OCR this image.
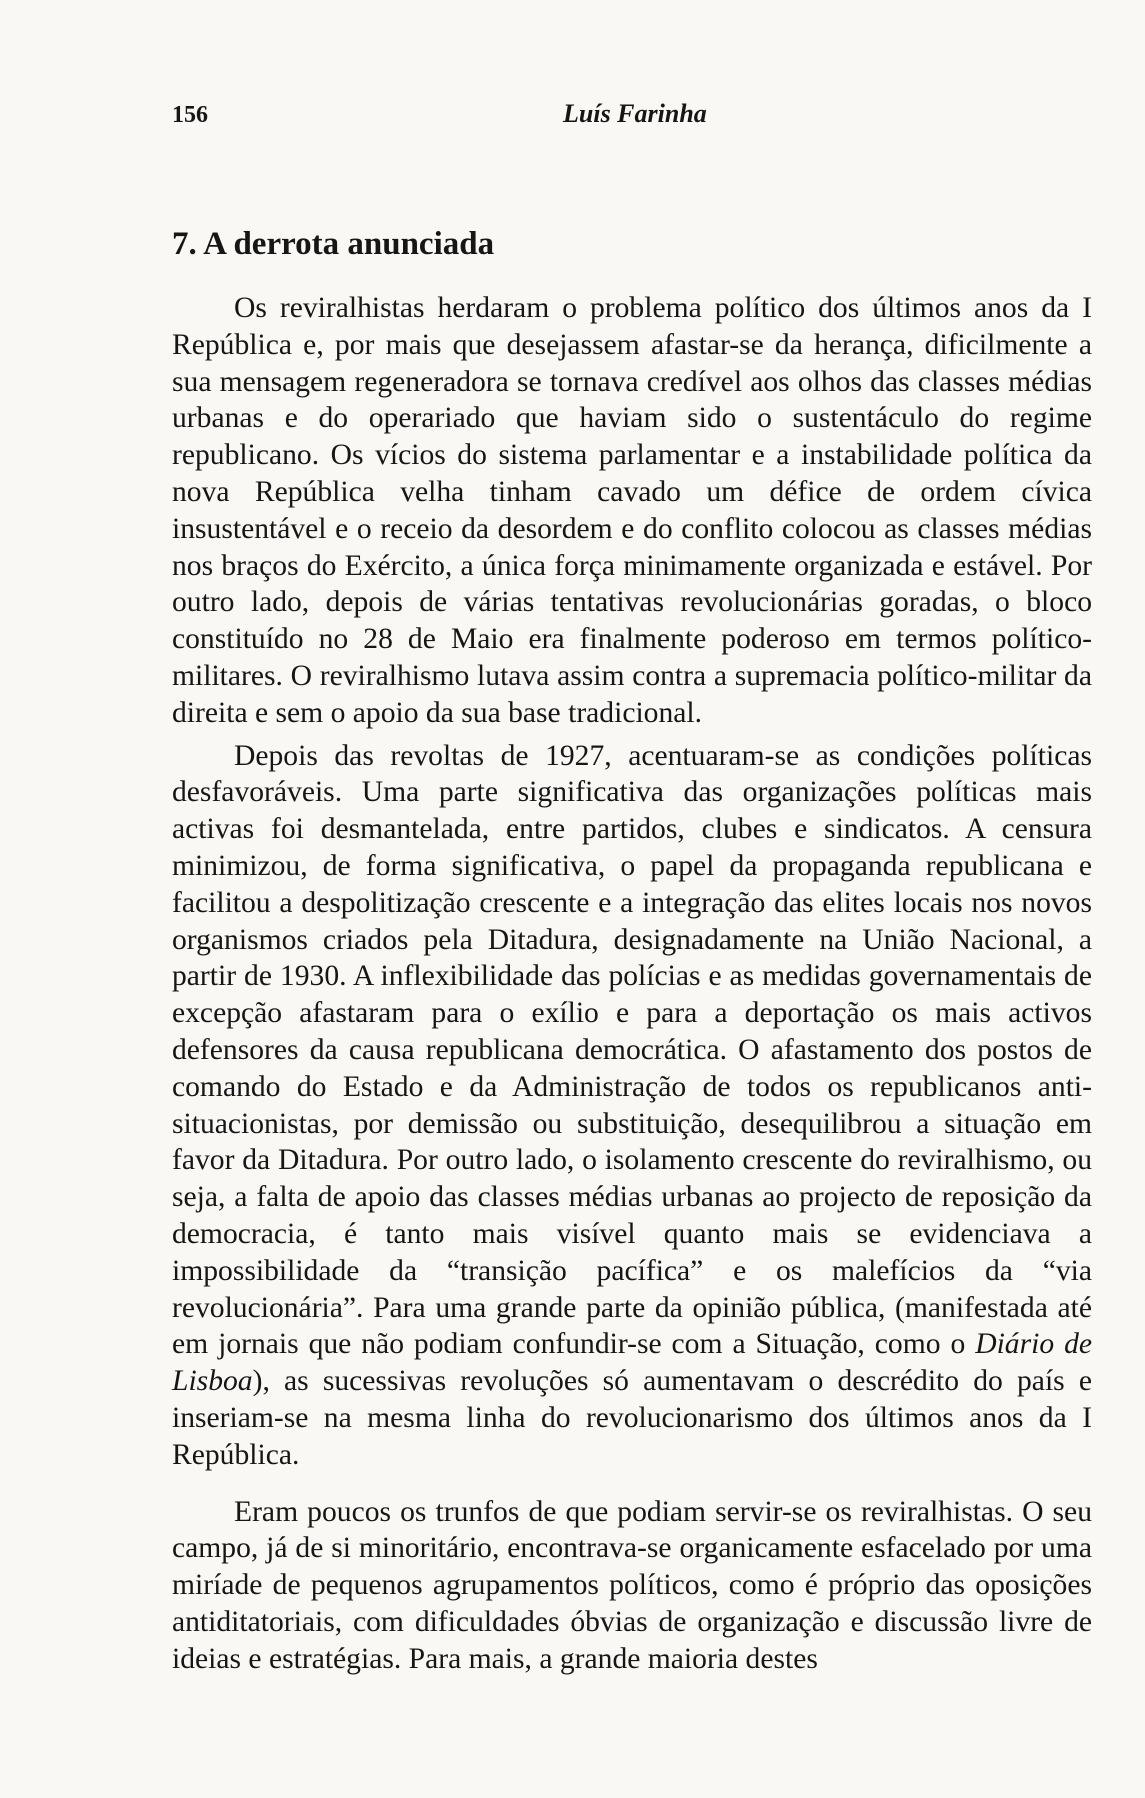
156	Luís Farinha
7. A derrota anunciada

Os reviralhistas herdaram o problema político dos últimos anos da I República e, por mais que desejassem afastar-se da herança, dificilmente a sua mensagem regeneradora se tornava credível aos olhos das classes médias urbanas e do operariado que haviam sido o sustentáculo do regime republicano. Os vícios do sistema parlamentar e a instabilidade política da nova República velha tinham cavado um défice de ordem cívica insustentável e o receio da desordem e do conflito colocou as classes médias nos braços do Exército, a única força minimamente organizada e estável. Por outro lado, depois de várias tentativas revolucionárias goradas, o bloco constituído no 28 de Maio era finalmente poderoso em termos político-militares. O reviralhismo lutava assim contra a supremacia político-militar da direita e sem o apoio da sua base tradicional.

Depois das revoltas de 1927, acentuaram-se as condições políticas desfavoráveis. Uma parte significativa das organizações políticas mais activas foi desmantelada, entre partidos, clubes e sindicatos. A censura minimizou, de forma significativa, o papel da propaganda republicana e facilitou a despolitização crescente e a integração das elites locais nos novos organismos criados pela Ditadura, designadamente na União Nacional, a partir de 1930. A inflexibilidade das polícias e as medidas governamentais de excepção afastaram para o exílio e para a deportação os mais activos defensores da causa republicana democrática. O afastamento dos postos de comando do Estado e da Administração de todos os republicanos anti-situacionistas, por demissão ou substituição, desequilibrou a situação em favor da Ditadura. Por outro lado, o isolamento crescente do reviralhismo, ou seja, a falta de apoio das classes médias urbanas ao projecto de reposição da democracia, é tanto mais visível quanto mais se evidenciava a impossibilidade da “transição pacífica” e os malefícios da “via revolucionária”. Para uma grande parte da opinião pública, (manifestada até em jornais que não podiam confundir-se com a Situação, como o Diário de Lisboa), as sucessivas revoluções só aumentavam o descrédito do país e inseriam-se na mesma linha do revolucionarismo dos últimos anos da I República.

Eram poucos os trunfos de que podiam servir-se os reviralhistas. O seu campo, já de si minoritário, encontrava-se organicamente esfacelado por uma miríade de pequenos agrupamentos políticos, como é próprio das oposições antiditatoriais, com dificuldades óbvias de organização e discussão livre de ideias e estratégias. Para mais, a grande maioria destes
